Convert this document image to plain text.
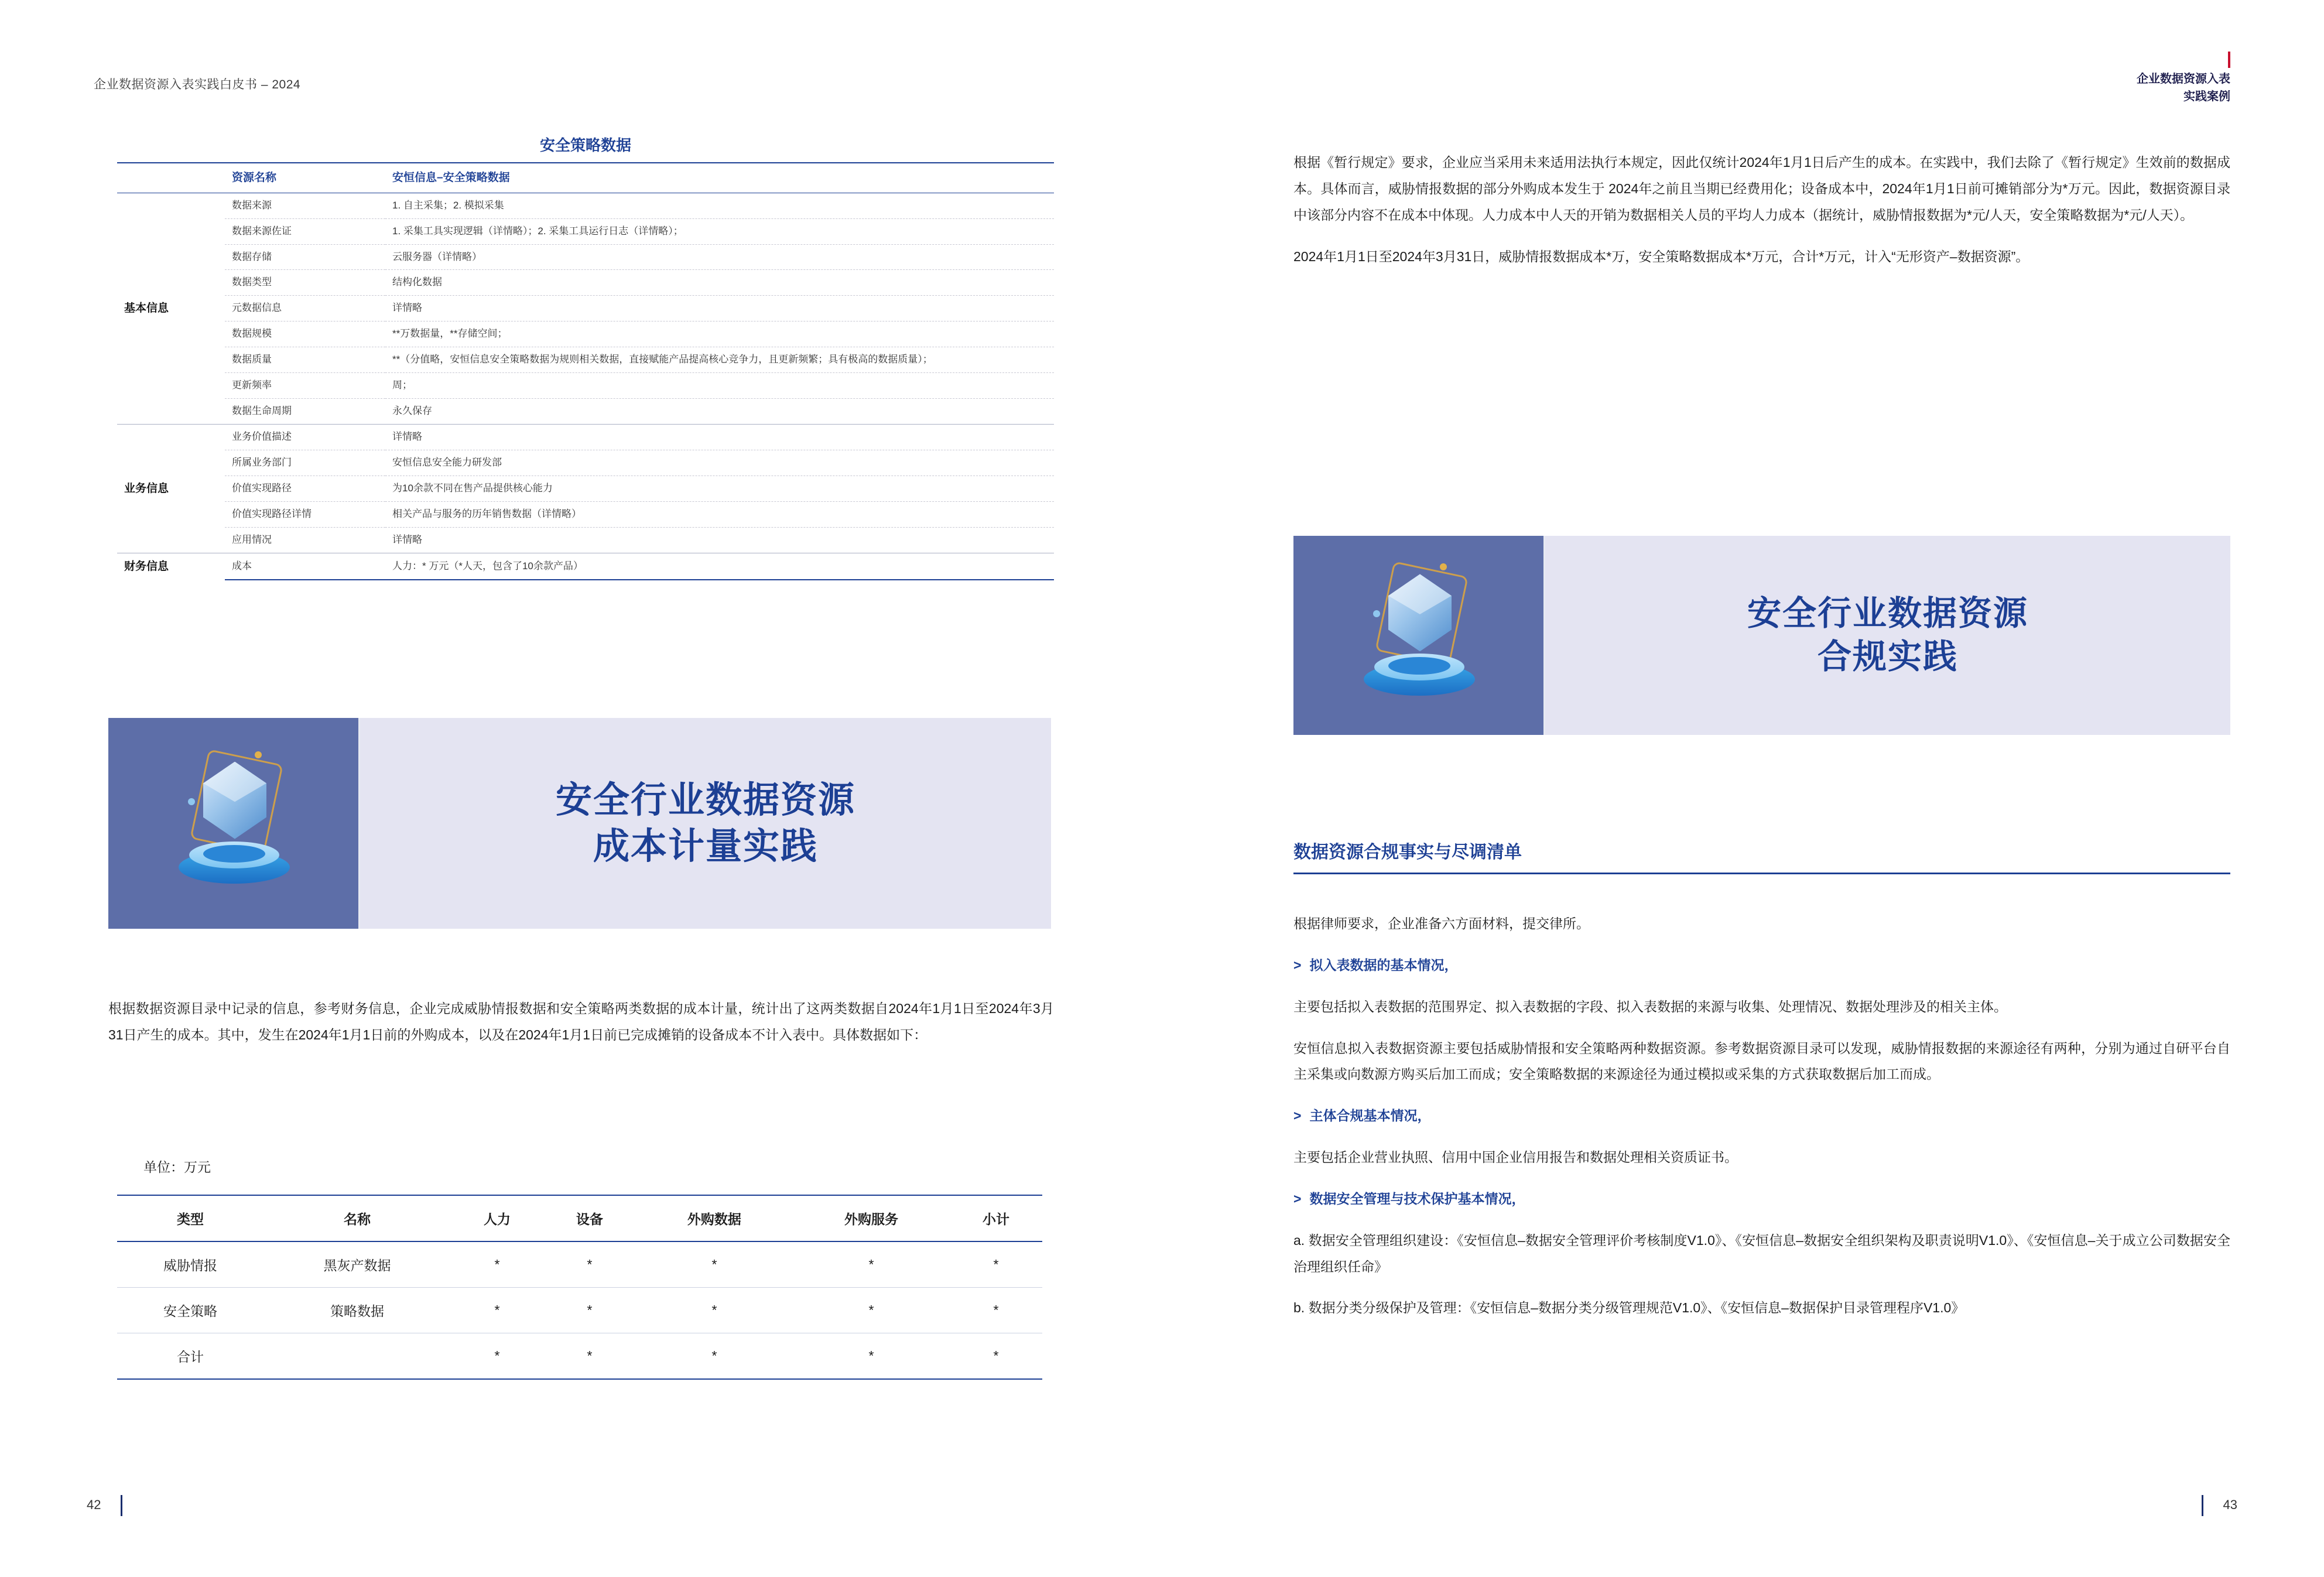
企业数据资源入表实践白皮书 – 2024
安全策略数据
	资源名称	安恒信息–安全策略数据
基本信息	数据来源	1. 自主采集；2. 模拟采集
	数据来源佐证	1. 采集工具实现逻辑（详情略）；2. 采集工具运行日志（详情略）；
	数据存储	云服务器（详情略）
	数据类型	结构化数据
	元数据信息	详情略
	数据规模	**万数据量，**存储空间；
	数据质量	**（分值略，安恒信息安全策略数据为规则相关数据，直接赋能产品提高核心竞争力，且更新频繁；具有极高的数据质量）；
	更新频率	周；
	数据生命周期	永久保存
业务信息	业务价值描述	详情略
	所属业务部门	安恒信息安全能力研发部
	价值实现路径	为10余款不同在售产品提供核心能力
	价值实现路径详情	相关产品与服务的历年销售数据（详情略）
	应用情况	详情略
财务信息	成本	人力：* 万元（*人天，包含了10余款产品）
安全行业数据资源
成本计量实践

根据数据资源目录中记录的信息，参考财务信息，企业完成威胁情报数据和安全策略两类数据的成本计量，统计出了这两类数据自2024年1月1日至2024年3月31日产生的成本。其中，发生在2024年1月1日前的外购成本，以及在2024年1月1日前已完成摊销的设备成本不计入表中。具体数据如下：

单位：万元
类型	名称	人力	设备	外购数据	外购服务	小计
威胁情报	黑灰产数据	*	*	*	*	*
安全策略	策略数据	*	*	*	*	*
合计		*	*	*	*	*
42
企业数据资源入表
实践案例

根据《暂行规定》要求，企业应当采用未来适用法执行本规定，因此仅统计2024年1月1日后产生的成本。在实践中，我们去除了《暂行规定》生效前的数据成本。具体而言，威胁情报数据的部分外购成本发生于 2024年之前且当期已经费用化；设备成本中，2024年1月1日前可摊销部分为*万元。因此，数据资源目录中该部分内容不在成本中体现。人力成本中人天的开销为数据相关人员的平均人力成本（据统计，威胁情报数据为*元/人天，安全策略数据为*元/人天）。

2024年1月1日至2024年3月31日，威胁情报数据成本*万，安全策略数据成本*万元，合计*万元，计入“无形资产–数据资源”。

安全行业数据资源
合规实践
数据资源合规事实与尽调清单

根据律师要求，企业准备六方面材料，提交律所。

> 拟入表数据的基本情况，

主要包括拟入表数据的范围界定、拟入表数据的字段、拟入表数据的来源与收集、处理情况、数据处理涉及的相关主体。

安恒信息拟入表数据资源主要包括威胁情报和安全策略两种数据资源。参考数据资源目录可以发现，威胁情报数据的来源途径有两种，分别为通过自研平台自主采集或向数源方购买后加工而成；安全策略数据的来源途径为通过模拟或采集的方式获取数据后加工而成。

> 主体合规基本情况，

主要包括企业营业执照、信用中国企业信用报告和数据处理相关资质证书。

> 数据安全管理与技术保护基本情况，

a. 数据安全管理组织建设：《安恒信息–数据安全管理评价考核制度V1.0》、《安恒信息–数据安全组织架构及职责说明V1.0》、《安恒信息–关于成立公司数据安全治理组织任命》

b. 数据分类分级保护及管理：《安恒信息–数据分类分级管理规范V1.0》、《安恒信息–数据保护目录管理程序V1.0》

43
